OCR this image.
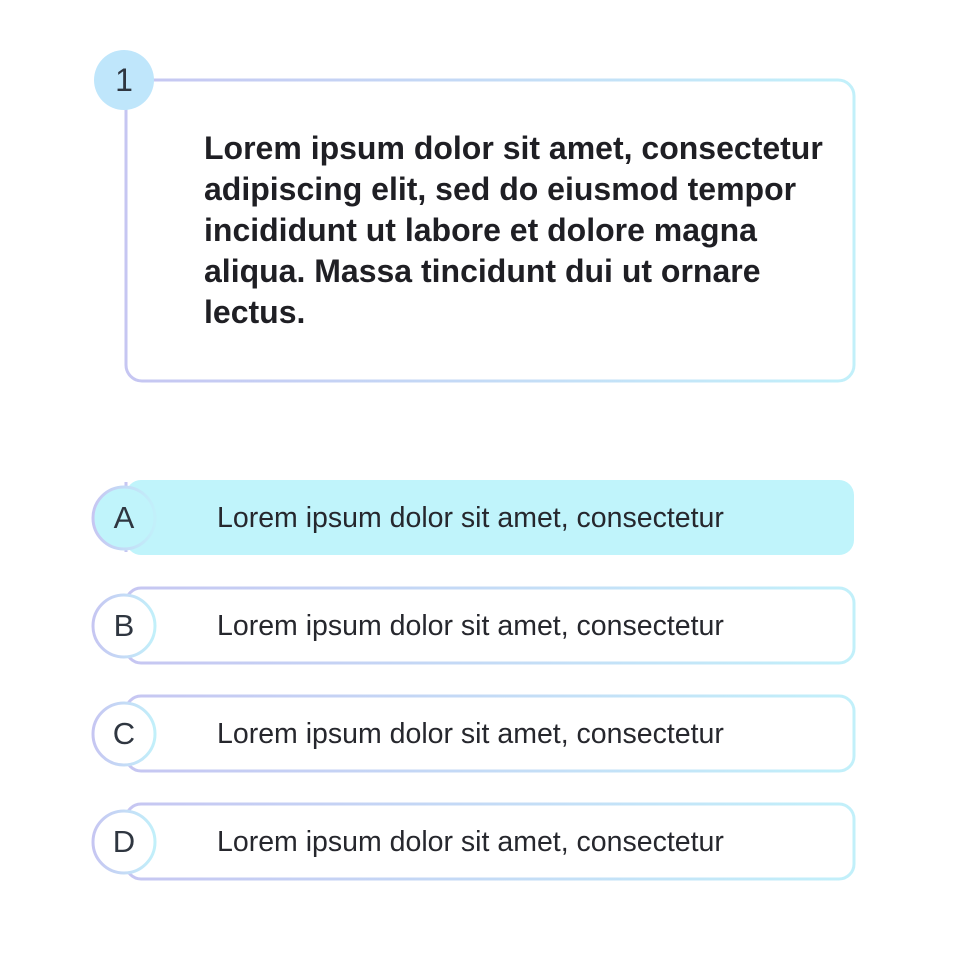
1

Lorem ipsum dolor sit amet, consectetur adipiscing elit, sed do eiusmod tempor incididunt ut labore et dolore magna aliqua. Massa tincidunt dui ut ornare lectus.

A	Lorem ipsum dolor sit amet, consectetur
B	Lorem ipsum dolor sit amet, consectetur
C	Lorem ipsum dolor sit amet, consectetur
D	Lorem ipsum dolor sit amet, consectetur
